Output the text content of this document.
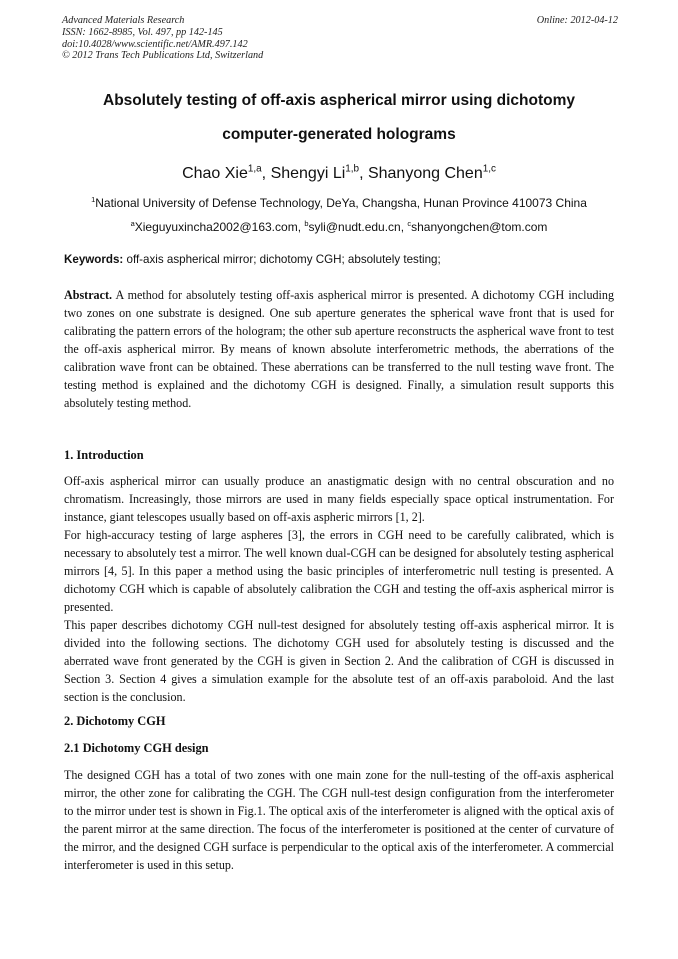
Advanced Materials Research	Online: 2012-04-12
ISSN: 1662-8985, Vol. 497, pp 142-145
doi:10.4028/www.scientific.net/AMR.497.142
© 2012 Trans Tech Publications Ltd, Switzerland
Absolutely testing of off-axis aspherical mirror using dichotomy
computer-generated holograms
Chao Xie$^{1,a}$, Shengyi Li$^{1,b}$, Shanyong Chen$^{1,c}$
$^1$National University of Defense Technology, DeYa, Changsha, Hunan Province 410073 China
$^a$Xieguyuxincha2002@163.com, $^b$syli@nudt.edu.cn, $^c$shanyongchen@tom.com
Keywords: off-axis aspherical mirror; dichotomy CGH; absolutely testing;
Abstract. A method for absolutely testing off-axis aspherical mirror is presented. A dichotomy CGH including two zones on one substrate is designed. One sub aperture generates the spherical wave front that is used for calibrating the pattern errors of the hologram; the other sub aperture reconstructs the aspherical wave front to test the off-axis aspherical mirror. By means of known absolute interferometric methods, the aberrations of the calibration wave front can be obtained. These aberrations can be transferred to the null testing wave front. The testing method is explained and the dichotomy CGH is designed. Finally, a simulation result supports this absolutely testing method.
1. Introduction
Off-axis aspherical mirror can usually produce an anastigmatic design with no central obscuration and no chromatism. Increasingly, those mirrors are used in many fields especially space optical instrumentation. For instance, giant telescopes usually based on off-axis aspheric mirrors [1, 2].
For high-accuracy testing of large aspheres [3], the errors in CGH need to be carefully calibrated, which is necessary to absolutely test a mirror. The well known dual-CGH can be designed for absolutely testing aspherical mirrors [4, 5]. In this paper a method using the basic principles of interferometric null testing is presented. A dichotomy CGH which is capable of absolutely calibration the CGH and testing the off-axis aspherical mirror is presented.
This paper describes dichotomy CGH null-test designed for absolutely testing off-axis aspherical mirror. It is divided into the following sections. The dichotomy CGH used for absolutely testing is discussed and the aberrated wave front generated by the CGH is given in Section 2. And the calibration of CGH is discussed in Section 3. Section 4 gives a simulation example for the absolute test of an off-axis paraboloid. And the last section is the conclusion.
2. Dichotomy CGH
2.1 Dichotomy CGH design
The designed CGH has a total of two zones with one main zone for the null-testing of the off-axis aspherical mirror, the other zone for calibrating the CGH. The CGH null-test design configuration from the interferometer to the mirror under test is shown in Fig.1. The optical axis of the interferometer is aligned with the optical axis of the parent mirror at the same direction. The focus of the interferometer is positioned at the center of curvature of the mirror, and the designed CGH surface is perpendicular to the optical axis of the interferometer. A commercial interferometer is used in this setup.
